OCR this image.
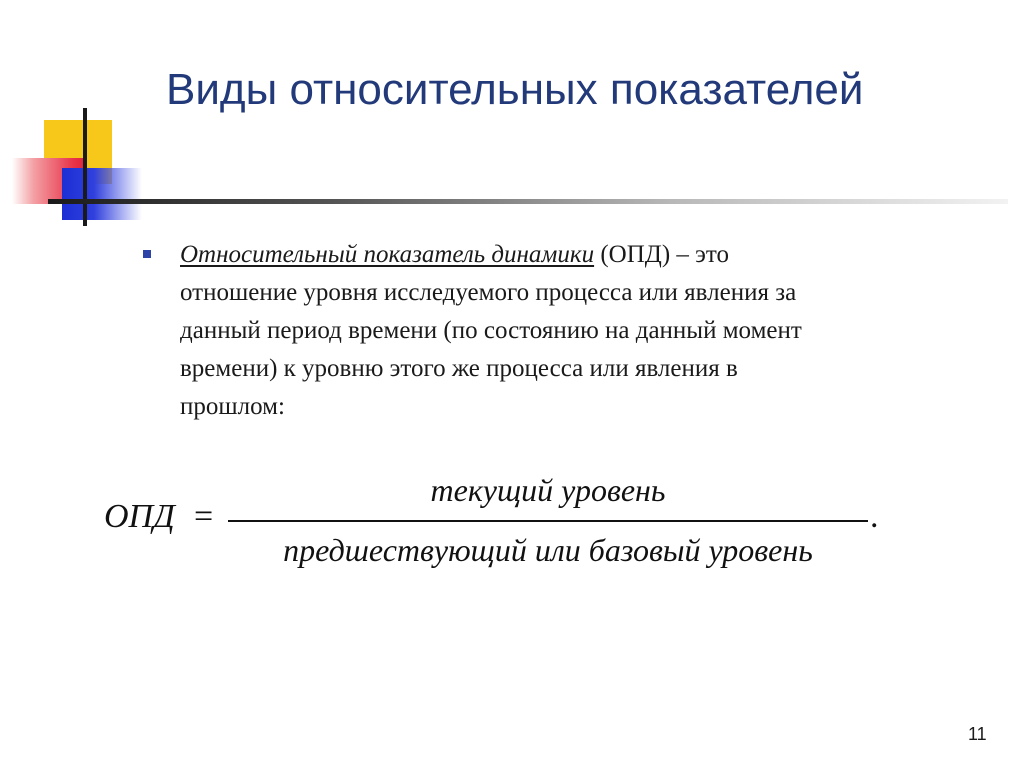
Виды относительных показателей

Относительный показатель динамики (ОПД) – это
отношение уровня исследуемого процесса или явления за
данный период времени (по состоянию на данный момент
времени) к уровню этого же процесса или явления в
прошлом:

ОПД =
текущий уровень
предшествующий или базовый уровень
.
11
